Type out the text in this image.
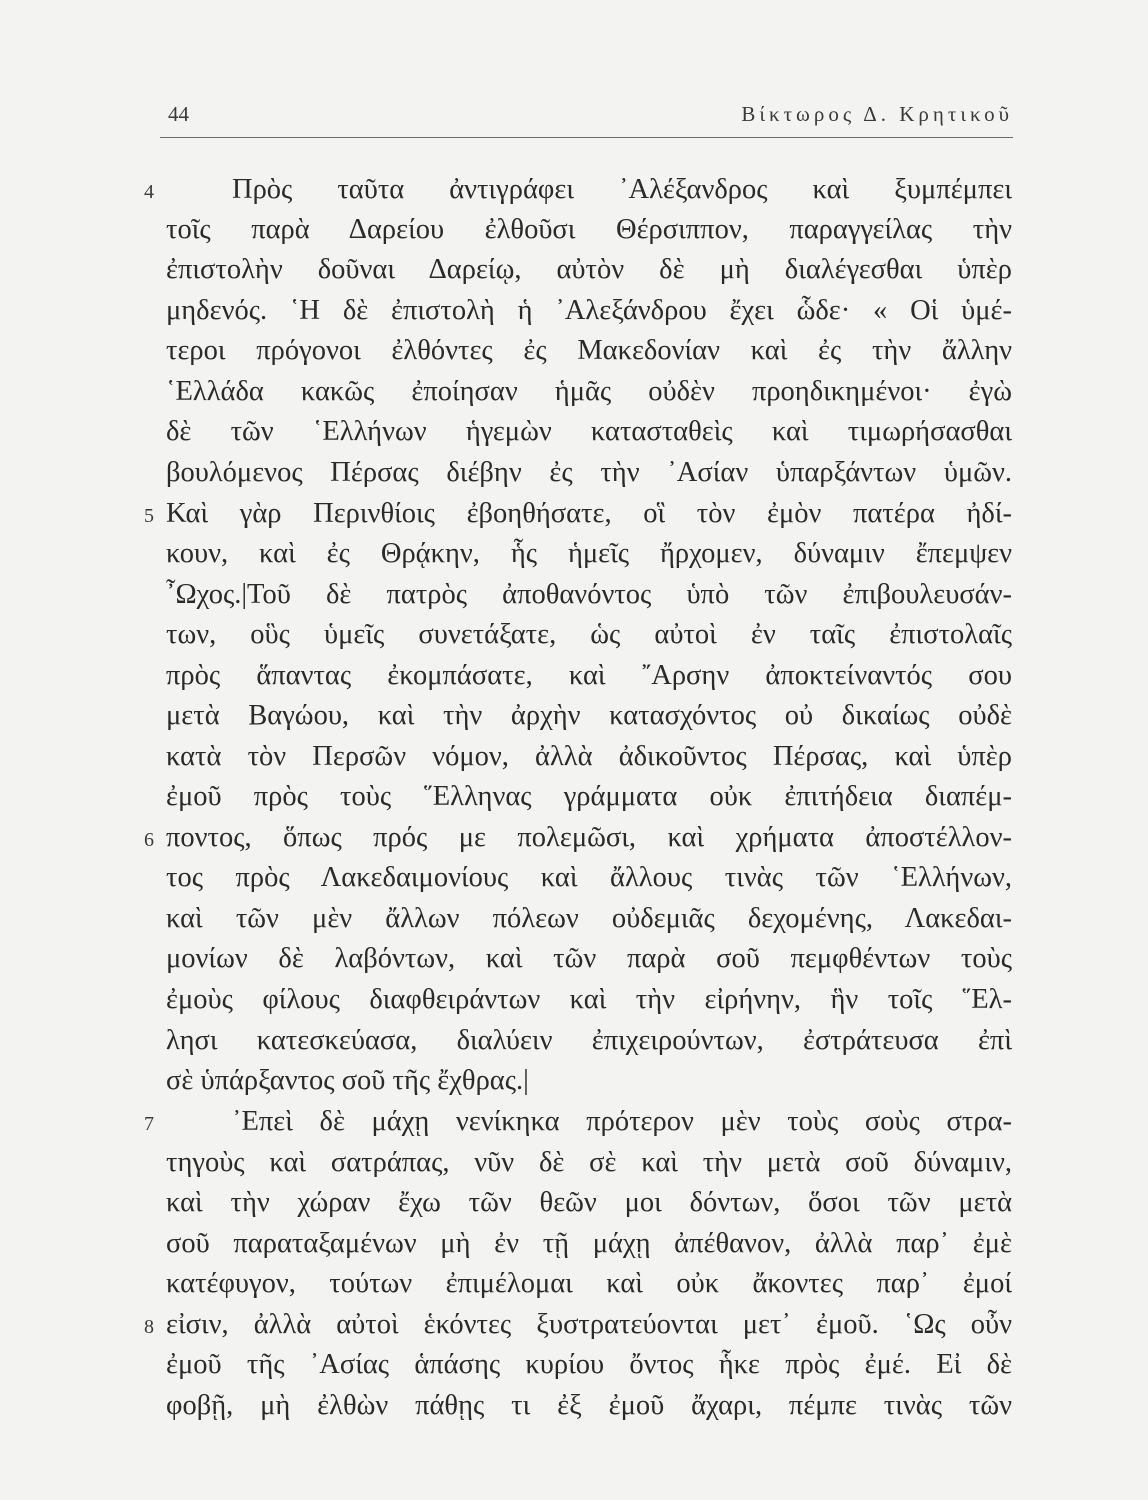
44	Βίκτωρος Δ. Κρητικοῦ
4
5
6
7
8
Πρὸς ταῦτα ἀντιγράφει ᾿Αλέξανδρος καὶ ξυμπέμπει
τοῖς παρὰ Δαρείου ἐλθοῦσι Θέρσιππον, παραγγείλας τὴν
ἐπιστολὴν δοῦναι Δαρείῳ, αὐτὸν δὲ μὴ διαλέγεσθαι ὑπὲρ
μηδενός. ῾Η δὲ ἐπιστολὴ ἡ ᾿Αλεξάνδρου ἔχει ὧδε· « Οἱ ὑμέ-
τεροι πρόγονοι ἐλθόντες ἐς Μακεδονίαν καὶ ἐς τὴν ἄλλην
῾Ελλάδα κακῶς ἐποίησαν ἡμᾶς οὐδὲν προηδικημένοι· ἐγὼ
δὲ τῶν ῾Ελλήνων ἡγεμὼν κατασταθεὶς καὶ τιμωρήσασθαι
βουλόμενος Πέρσας διέβην ἐς τὴν ᾿Ασίαν ὑπαρξάντων ὑμῶν.
Καὶ γὰρ Περινθίοις ἐβοηθήσατε, οἳ τὸν ἐμὸν πατέρα ἠδί-
κουν, καὶ ἐς Θρᾴκην, ἧς ἡμεῖς ἤρχομεν, δύναμιν ἔπεμψεν
῏Ωχος.|Τοῦ δὲ πατρὸς ἀποθανόντος ὑπὸ τῶν ἐπιβουλευσάν-
των, οὓς ὑμεῖς συνετάξατε, ὡς αὐτοὶ ἐν ταῖς ἐπιστολαῖς
πρὸς ἅπαντας ἐκομπάσατε, καὶ ῎Αρσην ἀποκτείναντός σου
μετὰ Βαγώου, καὶ τὴν ἀρχὴν κατασχόντος οὐ δικαίως οὐδὲ
κατὰ τὸν Περσῶν νόμον, ἀλλὰ ἀδικοῦντος Πέρσας, καὶ ὑπὲρ
ἐμοῦ πρὸς τοὺς ῞Ελληνας γράμματα οὐκ ἐπιτήδεια διαπέμ-
ποντος, ὅπως πρός με πολεμῶσι, καὶ χρήματα ἀποστέλλον-
τος πρὸς Λακεδαιμονίους καὶ ἄλλους τινὰς τῶν ῾Ελλήνων,
καὶ τῶν μὲν ἄλλων πόλεων οὐδεμιᾶς δεχομένης, Λακεδαι-
μονίων δὲ λαβόντων, καὶ τῶν παρὰ σοῦ πεμφθέντων τοὺς
ἐμοὺς φίλους διαφθειράντων καὶ τὴν εἰρήνην, ἣν τοῖς ῞Ελ-
λησι κατεσκεύασα, διαλύειν ἐπιχειρούντων, ἐστράτευσα ἐπὶ
σὲ ὑπάρξαντος σοῦ τῆς ἔχθρας.|
᾿Επεὶ δὲ μάχῃ νενίκηκα πρότερον μὲν τοὺς σοὺς στρα-
τηγοὺς καὶ σατράπας, νῦν δὲ σὲ καὶ τὴν μετὰ σοῦ δύναμιν,
καὶ τὴν χώραν ἔχω τῶν θεῶν μοι δόντων, ὅσοι τῶν μετὰ
σοῦ παραταξαμένων μὴ ἐν τῇ μάχῃ ἀπέθανον, ἀλλὰ παρ᾿ ἐμὲ
κατέφυγον, τούτων ἐπιμέλομαι καὶ οὐκ ἄκοντες παρ᾿ ἐμοί
εἰσιν, ἀλλὰ αὐτοὶ ἑκόντες ξυστρατεύονται μετ᾿ ἐμοῦ. ῾Ως οὖν
ἐμοῦ τῆς ᾿Ασίας ἁπάσης κυρίου ὄντος ἧκε πρὸς ἐμέ. Εἰ δὲ
φοβῇ, μὴ ἐλθὼν πάθῃς τι ἐξ ἐμοῦ ἄχαρι, πέμπε τινὰς τῶν
